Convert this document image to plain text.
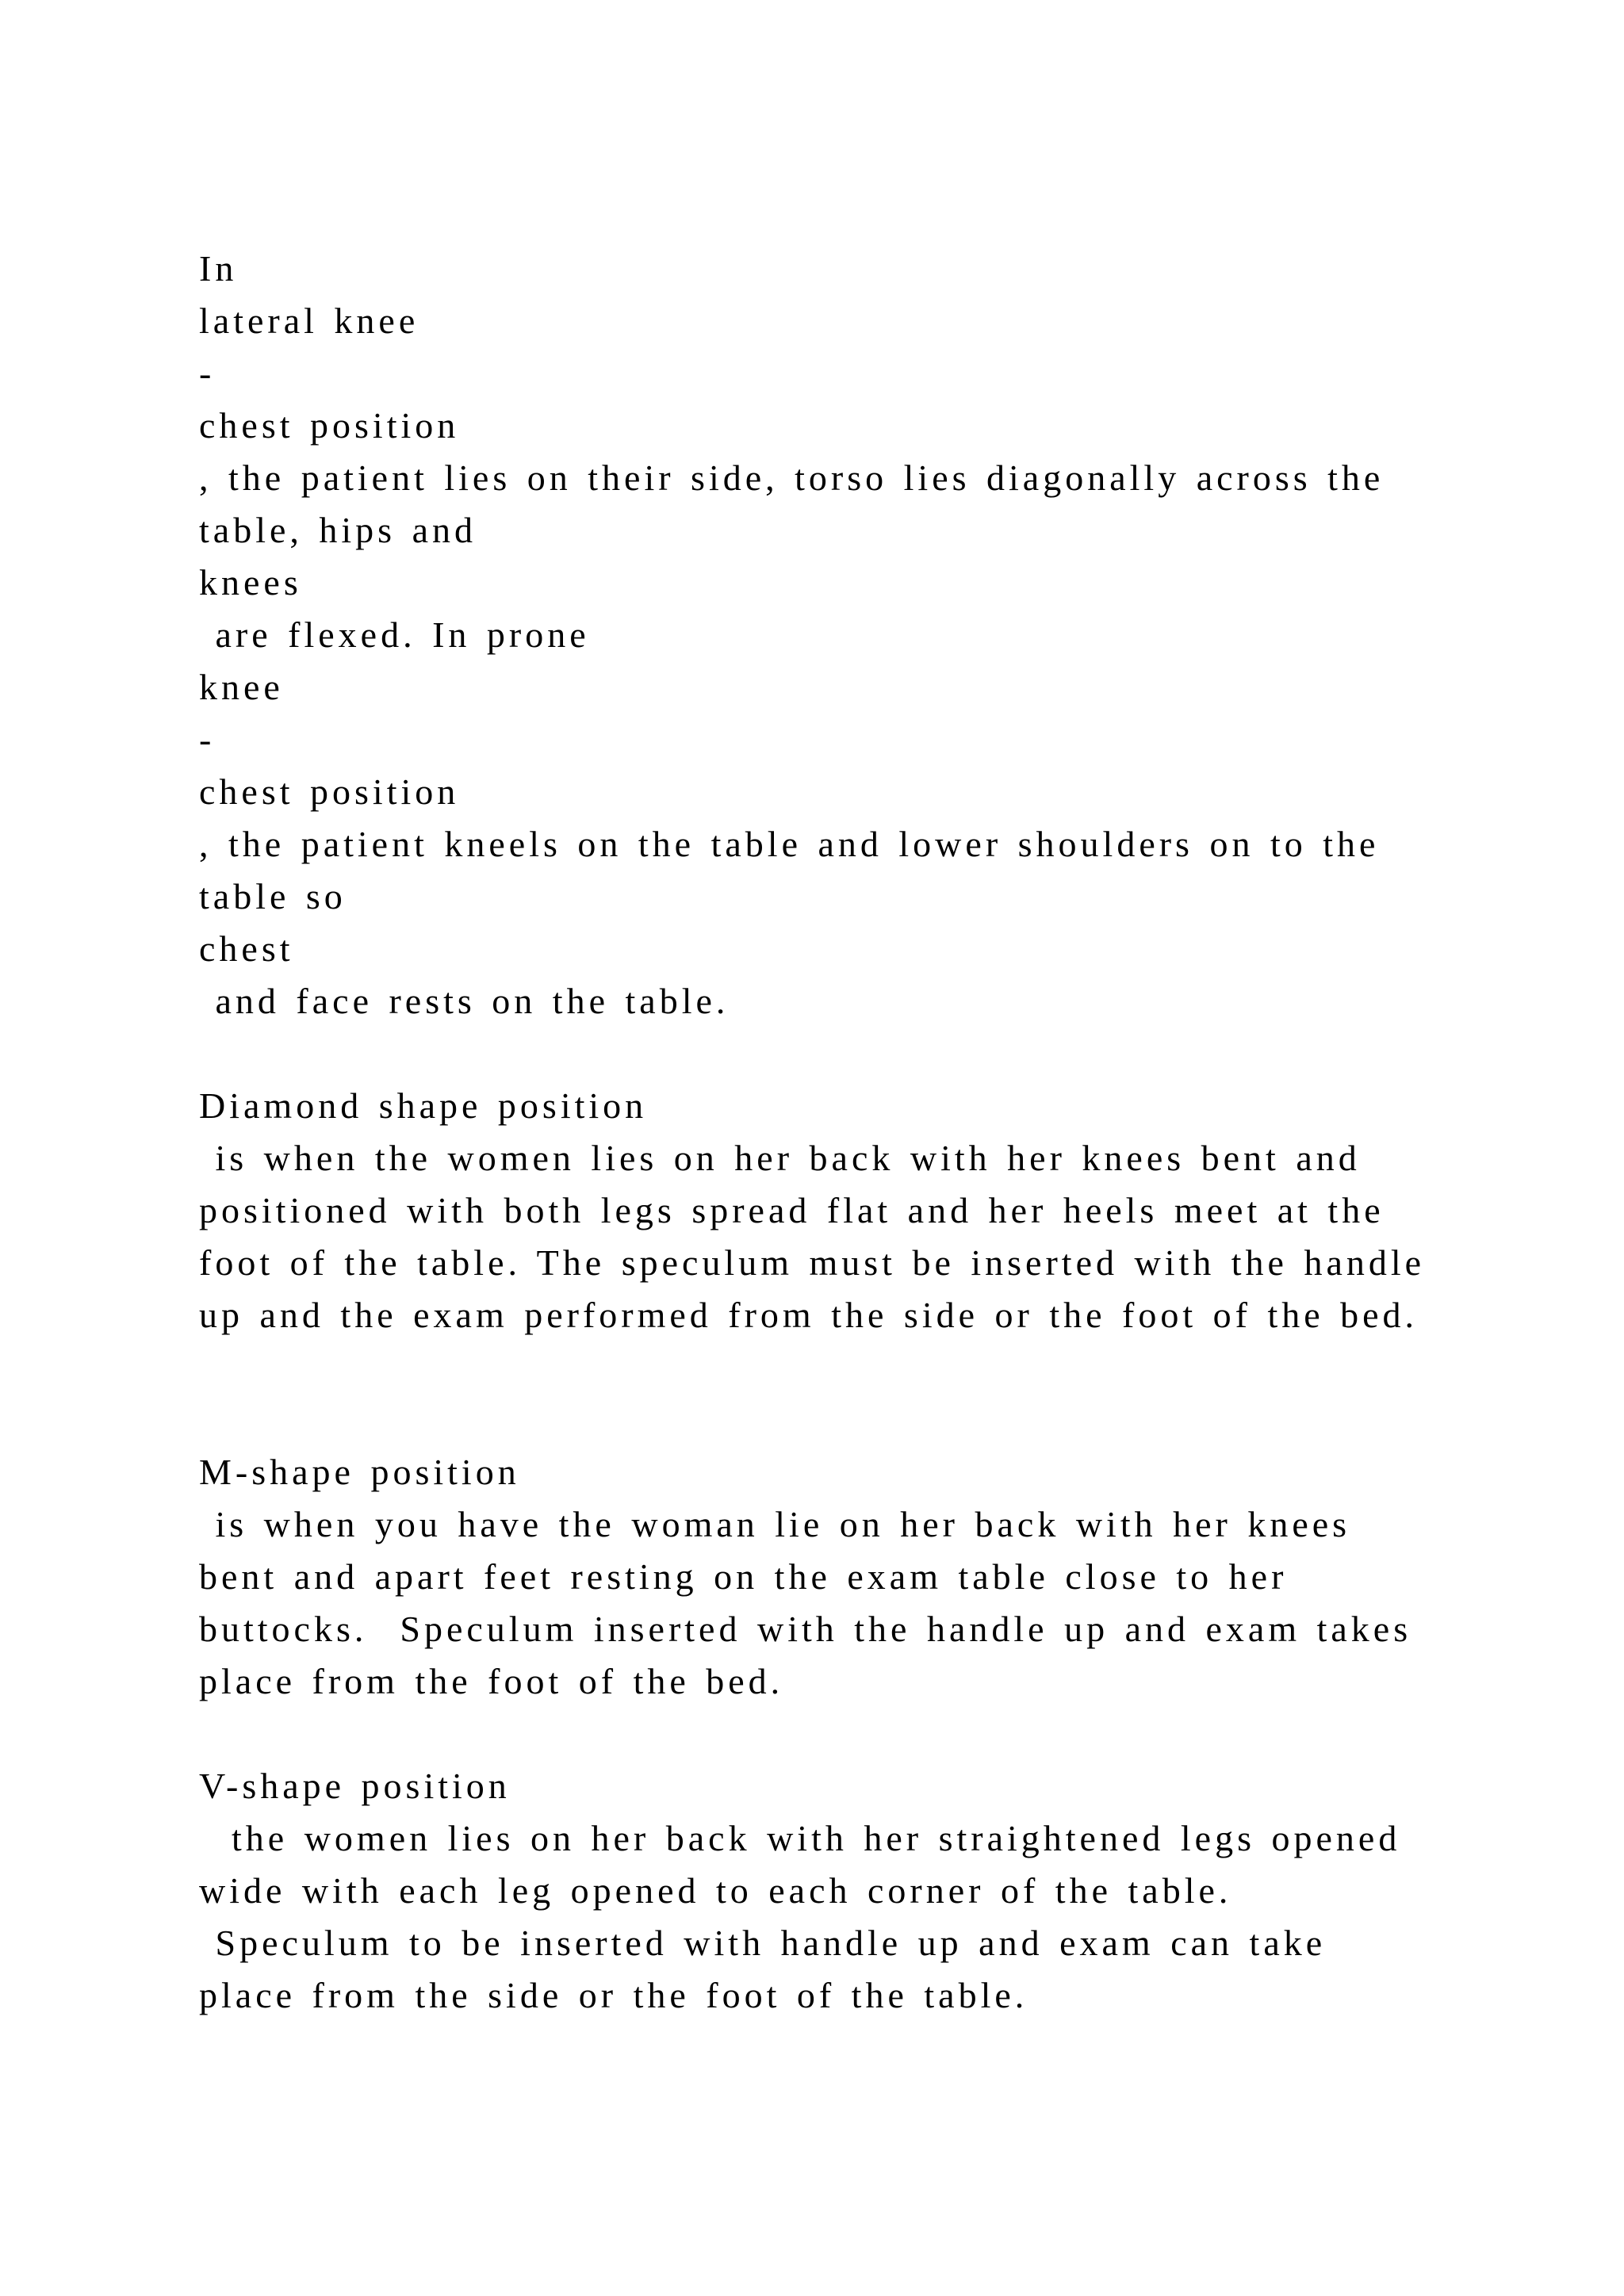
In
lateral knee
-
chest position
, the patient lies on their side, torso lies diagonally across the
table, hips and
knees
are flexed. In prone
knee
-
chest position
, the patient kneels on the table and lower shoulders on to the
table so
chest
and face rests on the table.
Diamond shape position
is when the women lies on her back with her knees bent and
positioned with both legs spread flat and her heels meet at the
foot of the table. The speculum must be inserted with the handle
up and the exam performed from the side or the foot of the bed.
M-shape position
is when you have the woman lie on her back with her knees
bent and apart feet resting on the exam table close to her
buttocks.  Speculum inserted with the handle up and exam takes
place from the foot of the bed.
V-shape position
the women lies on her back with her straightened legs opened
wide with each leg opened to each corner of the table.
Speculum to be inserted with handle up and exam can take
place from the side or the foot of the table.
